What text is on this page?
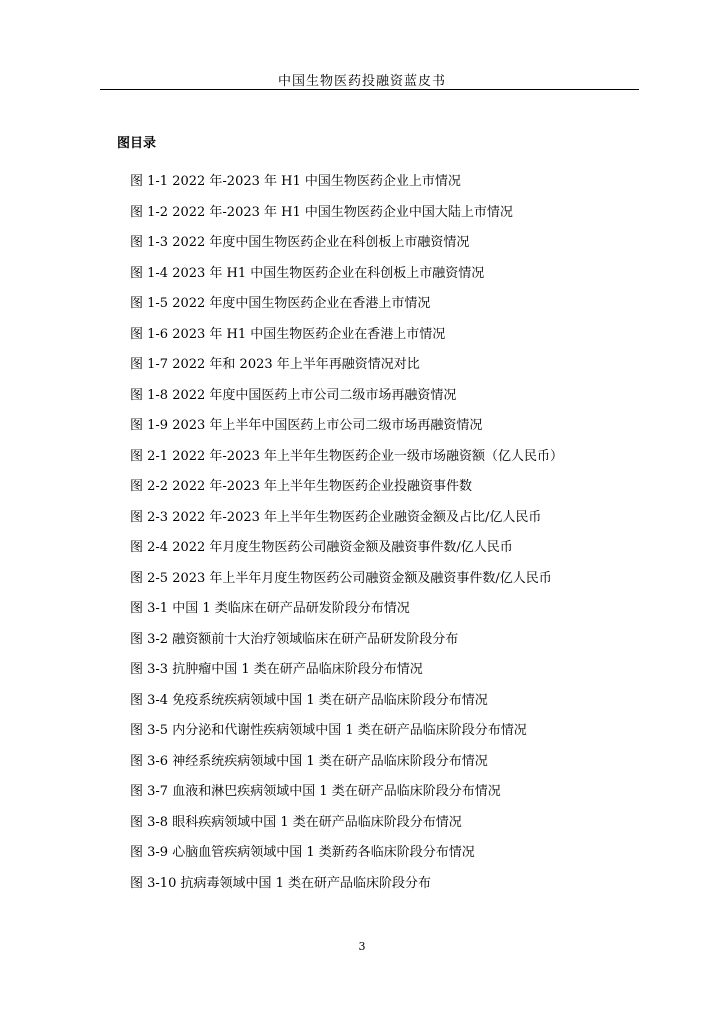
中国生物医药投融资蓝皮书
图目录
图 1-1 2022 年-2023 年 H1 中国生物医药企业上市情况
图 1-2 2022 年-2023 年 H1 中国生物医药企业中国大陆上市情况
图 1-3 2022 年度中国生物医药企业在科创板上市融资情况
图 1-4 2023 年 H1 中国生物医药企业在科创板上市融资情况
图 1-5 2022 年度中国生物医药企业在香港上市情况
图 1-6 2023 年 H1 中国生物医药企业在香港上市情况
图 1-7 2022 年和 2023 年上半年再融资情况对比
图 1-8 2022 年度中国医药上市公司二级市场再融资情况
图 1-9 2023 年上半年中国医药上市公司二级市场再融资情况
图 2-1 2022 年-2023 年上半年生物医药企业一级市场融资额（亿人民币）
图 2-2 2022 年-2023 年上半年生物医药企业投融资事件数
图 2-3 2022 年-2023 年上半年生物医药企业融资金额及占比/亿人民币
图 2-4 2022 年月度生物医药公司融资金额及融资事件数/亿人民币
图 2-5 2023 年上半年月度生物医药公司融资金额及融资事件数/亿人民币
图 3-1 中国 1 类临床在研产品研发阶段分布情况
图 3-2 融资额前十大治疗领域临床在研产品研发阶段分布
图 3-3 抗肿瘤中国 1 类在研产品临床阶段分布情况
图 3-4 免疫系统疾病领域中国 1 类在研产品临床阶段分布情况
图 3-5 内分泌和代谢性疾病领域中国 1 类在研产品临床阶段分布情况
图 3-6 神经系统疾病领域中国 1 类在研产品临床阶段分布情况
图 3-7 血液和淋巴疾病领域中国 1 类在研产品临床阶段分布情况
图 3-8 眼科疾病领域中国 1 类在研产品临床阶段分布情况
图 3-9 心脑血管疾病领域中国 1 类新药各临床阶段分布情况
图 3-10 抗病毒领域中国 1 类在研产品临床阶段分布
3
